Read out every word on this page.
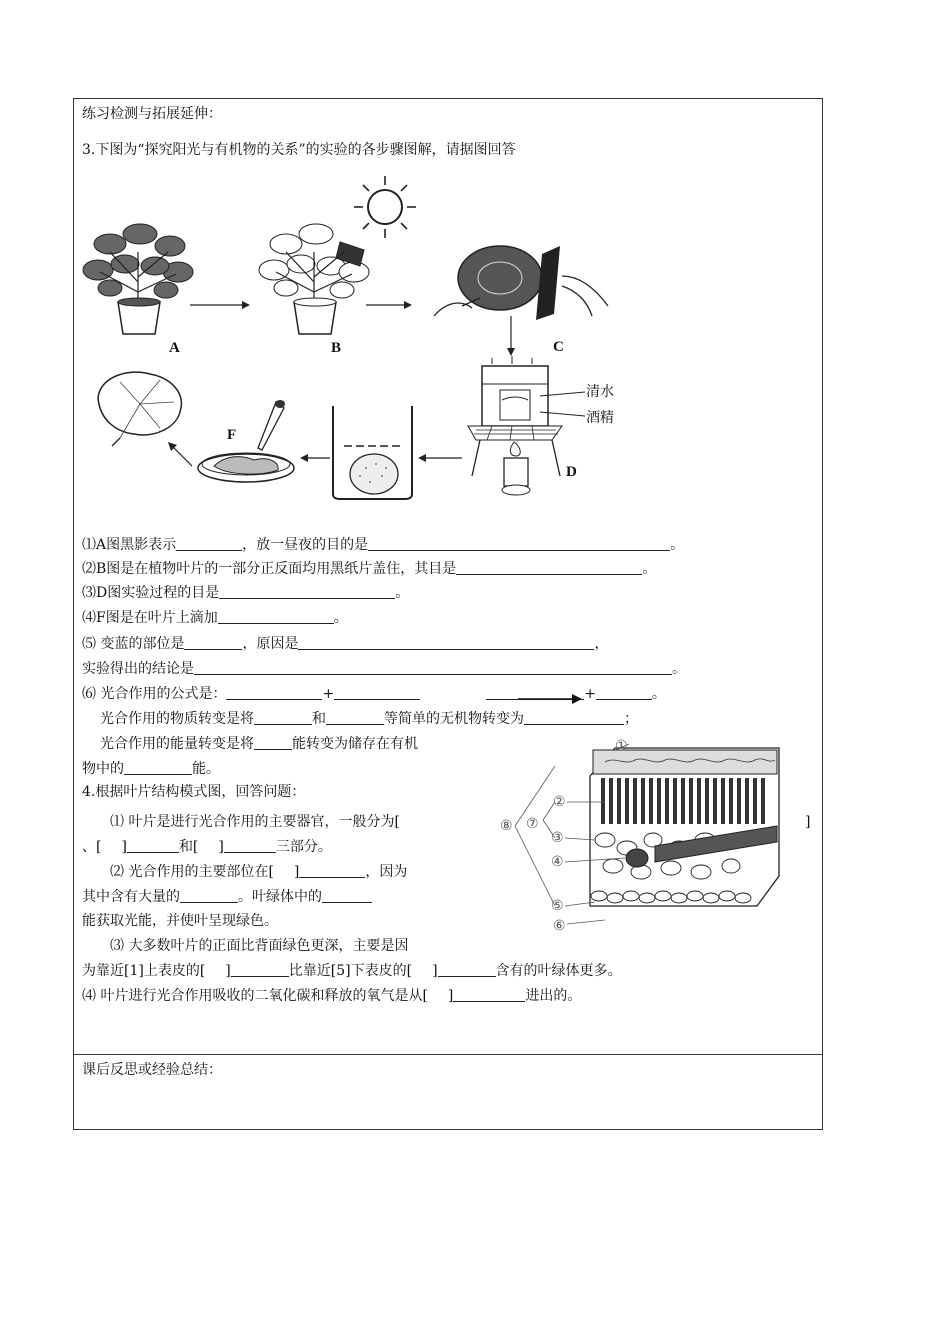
练习检测与拓展延伸：
3.下图为“探究阳光与有机物的关系”的实验的各步骤图解，请据图回答
A	B	C
清水
酒精
D
F
⑴A图黑影表示	，放一昼夜的目的是	。
⑵B图是在植物叶片的一部分正反面均用黑纸片盖住，其目是	。
⑶D图实验过程的目是	。
⑷F图是在叶片上滴加	。
⑸ 变蓝的部位是	，原因是	，
实验得出的结论是	。
⑹ 光合作用的公式是：	+	+	。
光合作用的物质转变是将	和	等简单的无机物转变为	；
光合作用的能量转变是将	能转变为储存在有机
物中的	能。
4.根据叶片结构模式图，回答问题：
⑴ 叶片是进行光合作用的主要器官，一般分为[	]
、[ ]	和[ ]	三部分。
⑵ 光合作用的主要部位在[ ]	，因为
其中含有大量的	。叶绿体中的
能获取光能，并使叶呈现绿色。
⑶ 大多数叶片的正面比背面绿色更深，主要是因
为靠近[1]上表皮的[ ]	比靠近[5]下表皮的[ ]	含有的叶绿体更多。
⑷ 叶片进行光合作用吸收的二氧化碳和释放的氧气是从[ ]	进出的。
①
②
③
④
⑤
⑥
⑦
⑧
课后反思或经验总结：
